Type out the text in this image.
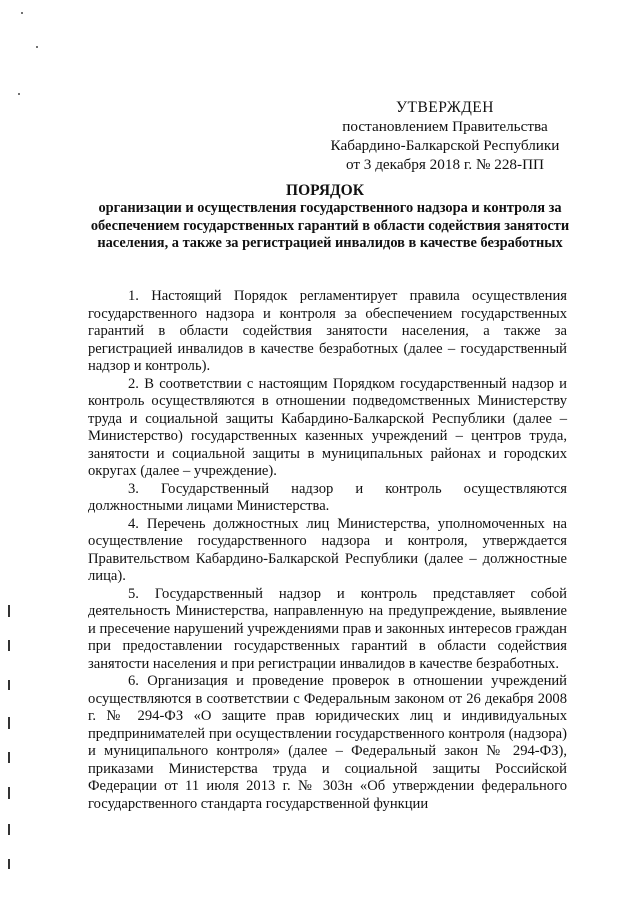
УТВЕРЖДЕН
постановлением Правительства
Кабардино-Балкарской Республики
от 3 декабря 2018 г. № 228-ПП
ПОРЯДОК
организации и осуществления государственного надзора и контроля за обеспечением государственных гарантий в области содействия занятости населения, а также за регистрацией инвалидов в качестве безработных

1. Настоящий Порядок регламентирует правила осуществления государственного надзора и контроля за обеспечением государственных гарантий в области содействия занятости населения, а также за регистрацией инвалидов в качестве безработных (далее – государственный надзор и контроль).

2. В соответствии с настоящим Порядком государственный надзор и контроль осуществляются в отношении подведомственных Министерству труда и социальной защиты Кабардино-Балкарской Республики (далее – Министерство) государственных казенных учреждений – центров труда, занятости и социальной защиты в муниципальных районах и городских округах (далее – учреждение).

3. Государственный надзор и контроль осуществляются должностными лицами Министерства.

4. Перечень должностных лиц Министерства, уполномоченных на осуществление государственного надзора и контроля, утверждается Правительством Кабардино-Балкарской Республики (далее – должностные лица).

5. Государственный надзор и контроль представляет собой деятельность Министерства, направленную на предупреждение, выявление и пресечение нарушений учреждениями прав и законных интересов граждан при предоставлении государственных гарантий в области содействия занятости населения и при регистрации инвалидов в качестве безработных.

6. Организация и проведение проверок в отношении учреждений осуществляются в соответствии с Федеральным законом от 26 декабря 2008 г. № 294-ФЗ «О защите прав юридических лиц и индивидуальных предпринимателей при осуществлении государственного контроля (надзора) и муниципального контроля» (далее – Федеральный закон № 294-ФЗ), приказами Министерства труда и социальной защиты Российской Федерации от 11 июля 2013 г. № 303н «Об утверждении федерального государственного стандарта государственной функции
